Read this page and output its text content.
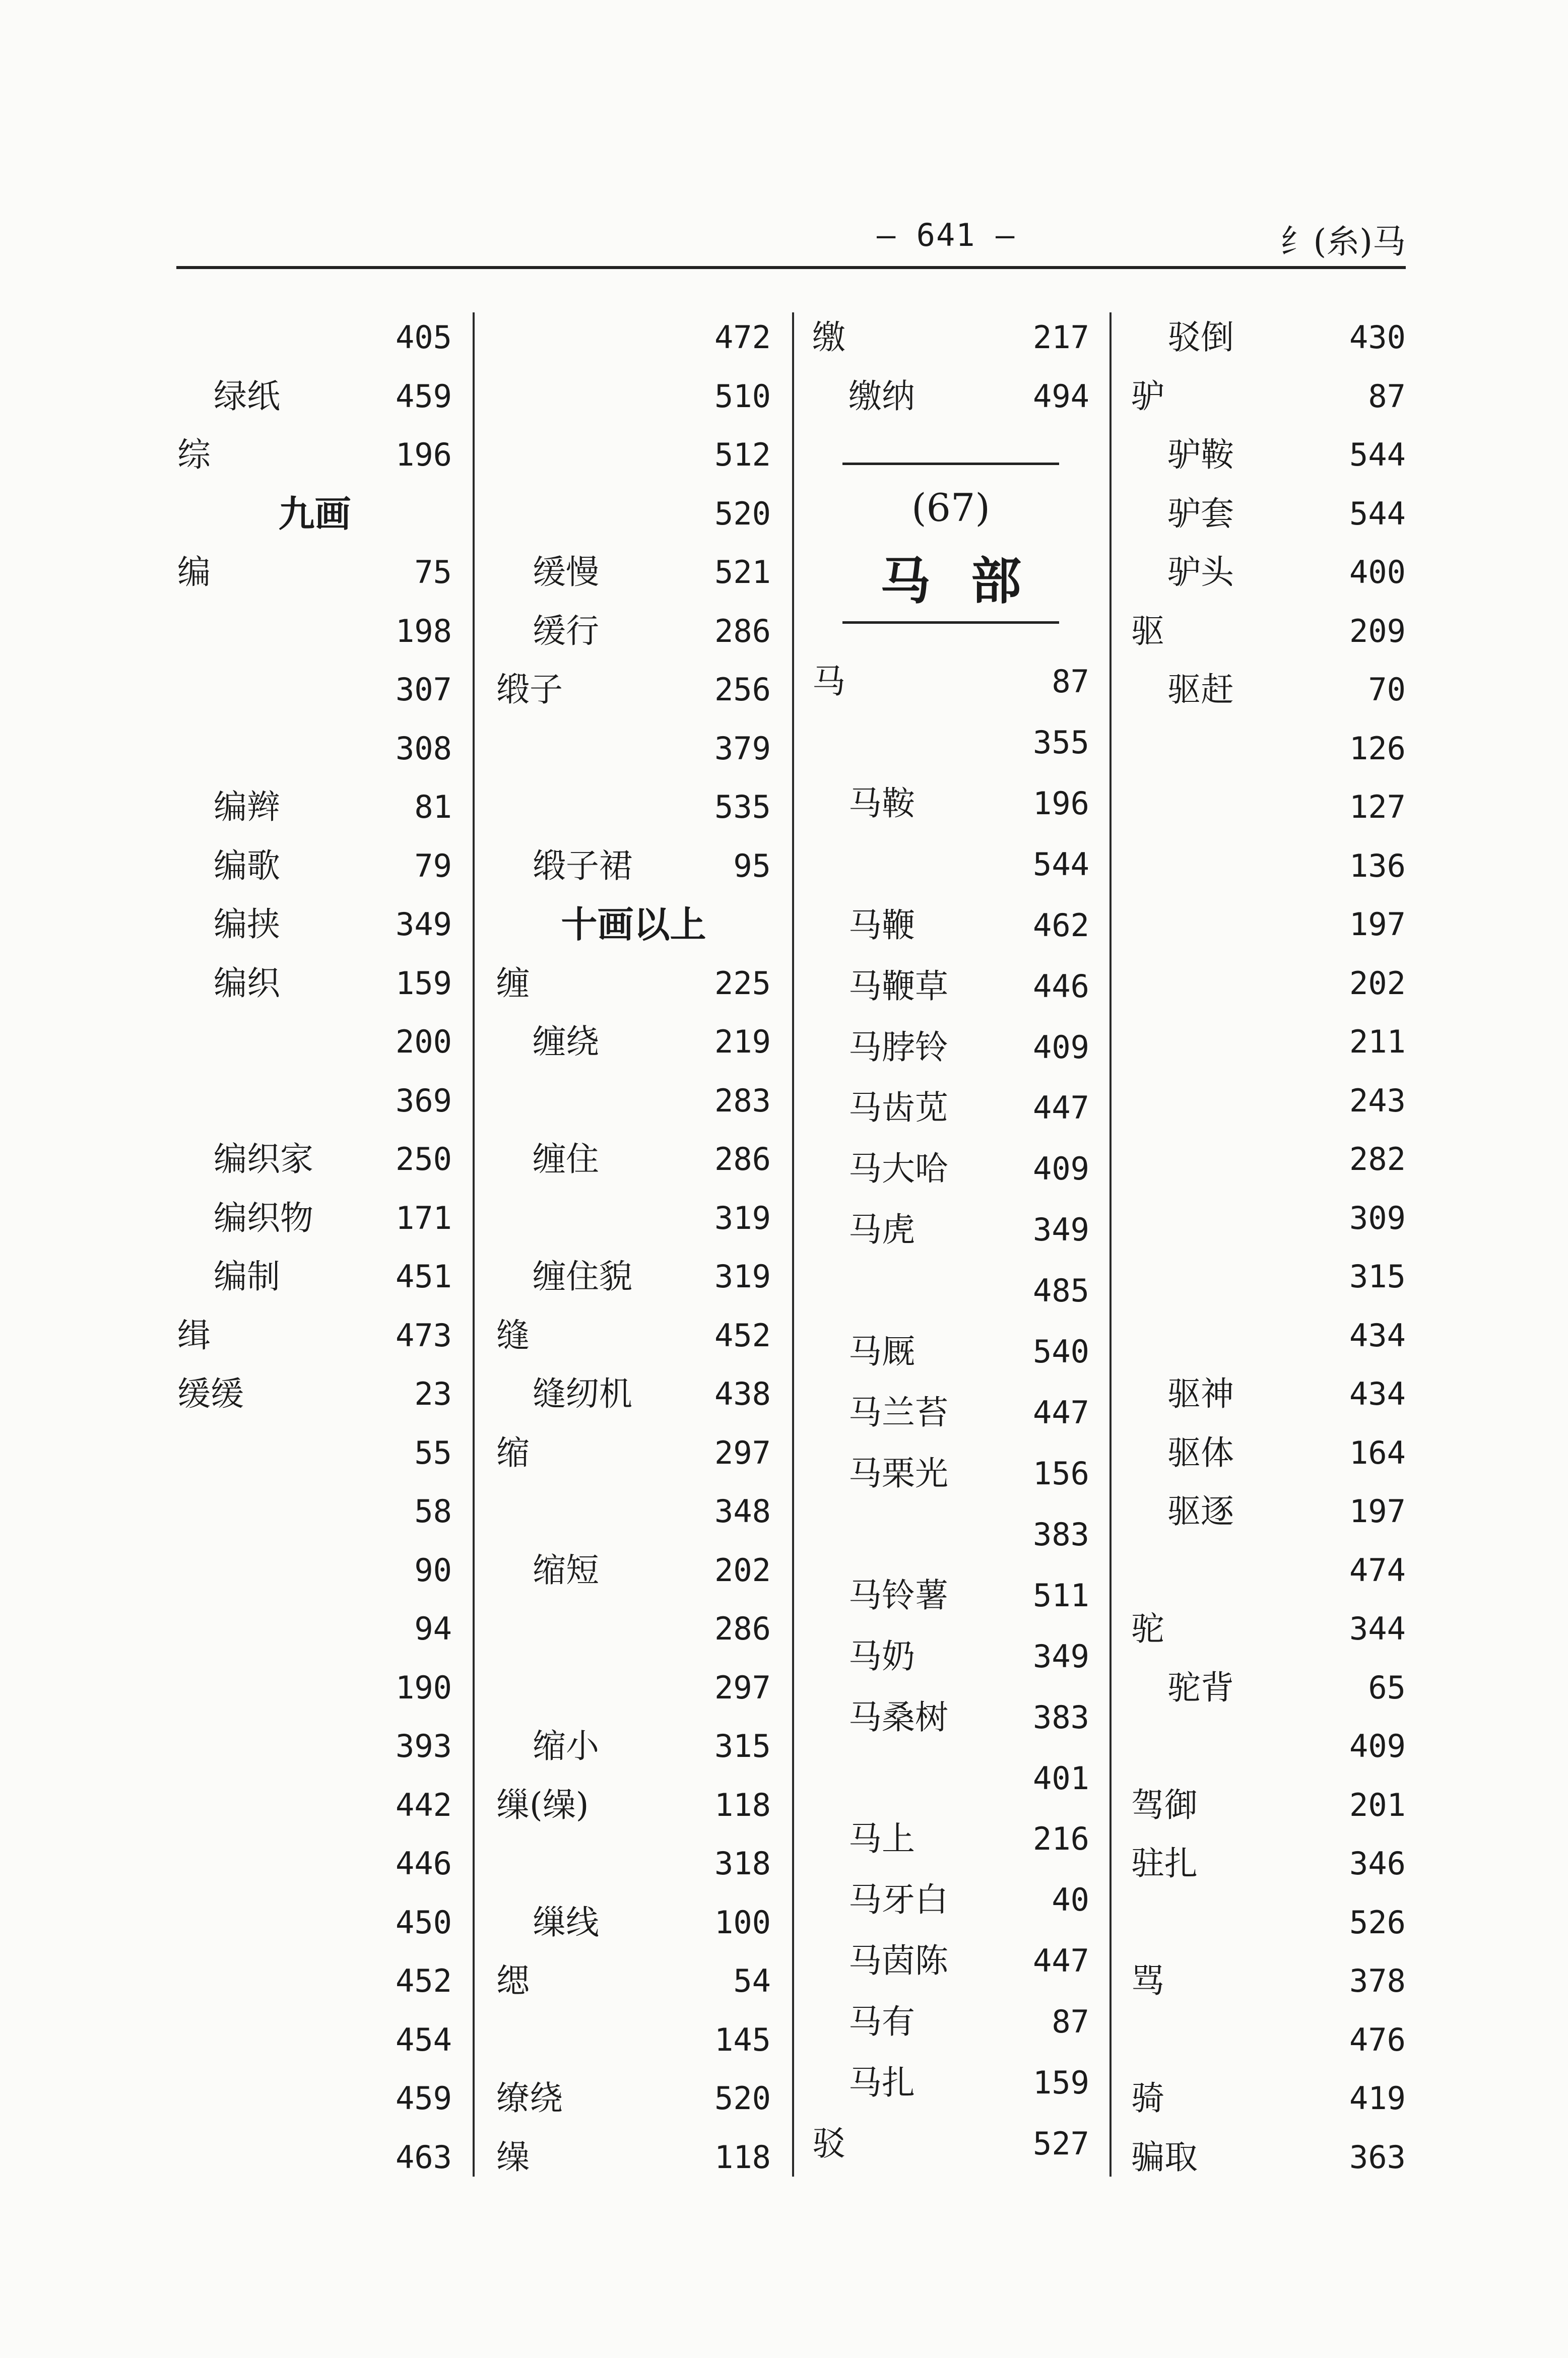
— 641 —	纟(糸)马
405
绿纸	459
综	196
九画
编	75
198
307
308
编辫	81
编歌	79
编挟	349
编织	159
200
369
编织家	250
编织物	171
编制	451
缉	473
缓缓	23
55
58
90
94
190
393
442
446
450
452
454
459
463
472
510
512
520
缓慢	521
缓行	286
缎子	256
379
535
缎子裙	95
十画以上
缠	225
缠绕	219
283
缠住	286
319
缠住貌	319
缝	452
缝纫机	438
缩	297
348
缩短	202
286
297
缩小	315
缫(缲)	118
318
缫线	100
缌	54
145
缭绕	520
缲	118
缴	217
缴纳	494
(67)
马部
马	87
355
马鞍	196
544
马鞭	462
马鞭草	446
马脖铃	409
马齿苋	447
马大哈	409
马虎	349
485
马厩	540
马兰苔	447
马栗光	156
383
马铃薯	511
马奶	349
马桑树	383
401
马上	216
马牙白	40
马茵陈	447
马有	87
马扎	159
驳	527
驳倒	430
驴	87
驴鞍	544
驴套	544
驴头	400
驱	209
驱赶	70
126
127
136
197
202
211
243
282
309
315
434
驱神	434
驱体	164
驱逐	197
474
驼	344
驼背	65
409
驾御	201
驻扎	346
526
骂	378
476
骑	419
骗取	363
